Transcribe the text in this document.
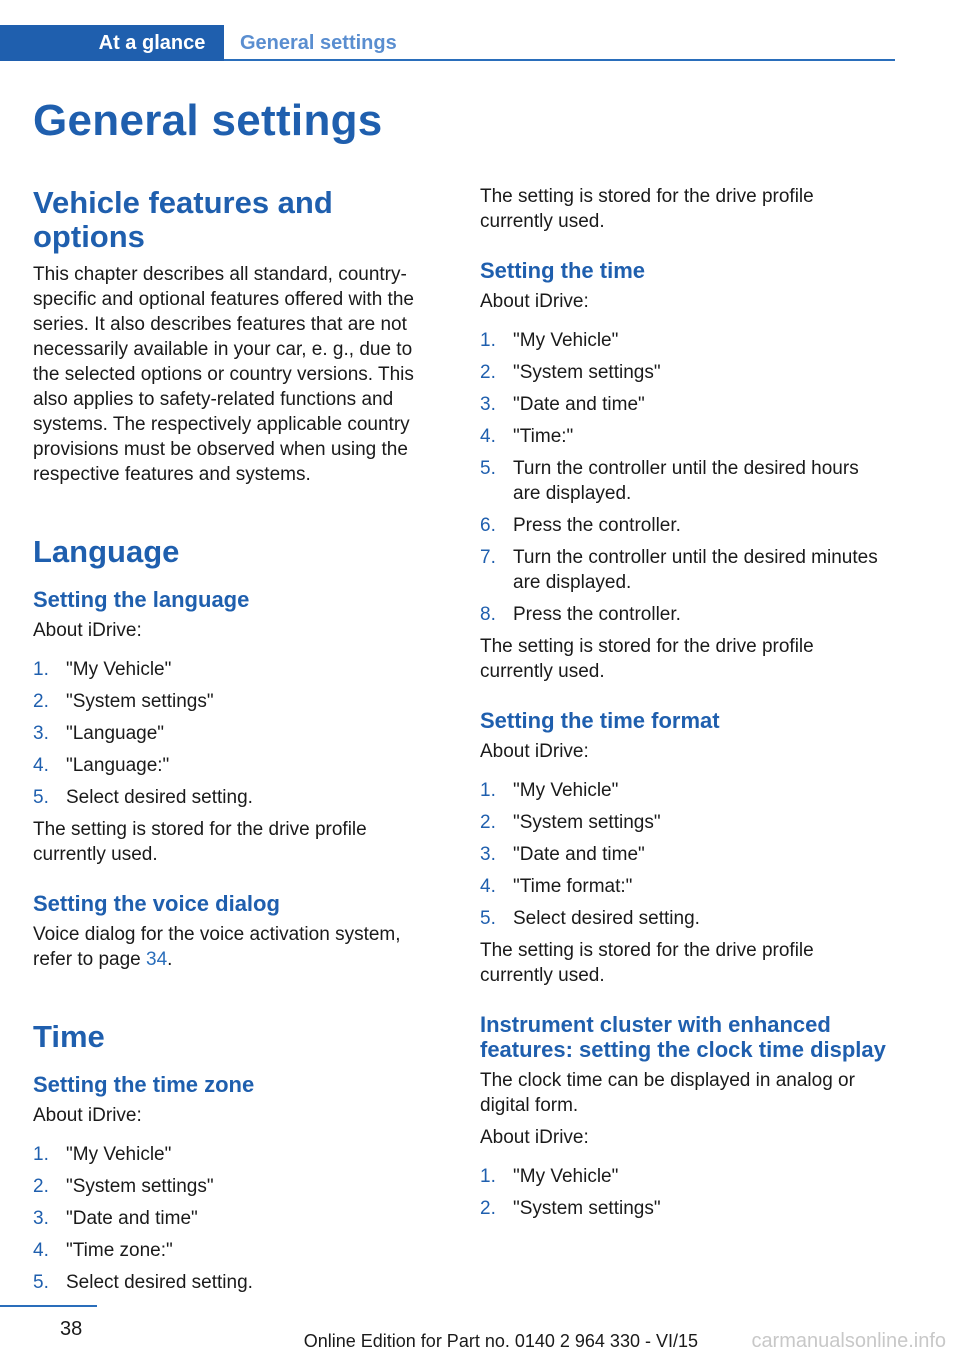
At a glance	General settings
General settings
Vehicle features and options

This chapter describes all standard, country-specific and optional features offered with the series. It also describes features that are not necessarily available in your car, e. g., due to the selected options or country versions. This also applies to safety-related functions and systems. The respectively applicable country provisions must be observed when using the respective features and systems.

Language
Setting the language

About iDrive:

1. "My Vehicle"
2. "System settings"
3. "Language"
4. "Language:"
5. Select desired setting.

The setting is stored for the drive profile currently used.

Setting the voice dialog

Voice dialog for the voice activation system, refer to page 34.

Time
Setting the time zone

About iDrive:

1. "My Vehicle"
2. "System settings"
3. "Date and time"
4. "Time zone:"
5. Select desired setting.

The setting is stored for the drive profile currently used.

Setting the time

About iDrive:

1. "My Vehicle"
2. "System settings"
3. "Date and time"
4. "Time:"
5. Turn the controller until the desired hours are displayed.
6. Press the controller.
7. Turn the controller until the desired minutes are displayed.
8. Press the controller.

The setting is stored for the drive profile currently used.

Setting the time format

About iDrive:

1. "My Vehicle"
2. "System settings"
3. "Date and time"
4. "Time format:"
5. Select desired setting.

The setting is stored for the drive profile currently used.

Instrument cluster with enhanced features: setting the clock time display

The clock time can be displayed in analog or digital form.

About iDrive:

1. "My Vehicle"
2. "System settings"
38
Online Edition for Part no. 0140 2 964 330 - VI/15	carmanualsonline.info
